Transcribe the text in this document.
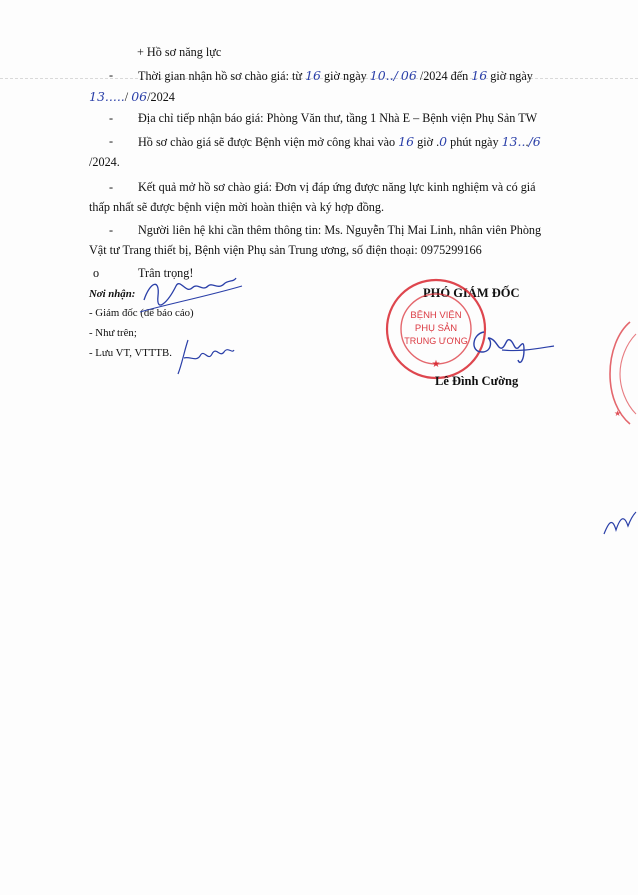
+ Hồ sơ năng lực
- Thời gian nhận hồ sơ chào giá: từ 16 giờ ngày 10../ 06 /2024 đến 16 giờ ngày
13...../ 06/2024
- Địa chỉ tiếp nhận báo giá: Phòng Văn thư, tầng 1 Nhà E – Bệnh viện Phụ Sản TW
- Hồ sơ chào giá sẽ được Bệnh viện mở công khai vào 16 giờ .0 phút ngày 13.../6
/2024.
- Kết quả mở hồ sơ chào giá: Đơn vị đáp ứng được năng lực kinh nghiệm và có giá
thấp nhất sẽ được bệnh viện mời hoàn thiện và ký hợp đồng.
- Người liên hệ khi cần thêm thông tin: Ms. Nguyễn Thị Mai Linh, nhân viên Phòng
Vật tư Trang thiết bị, Bệnh viện Phụ sản Trung ương, số điện thoại: 0975299166
o	Trân trọng!
Nơi nhận:
- Giám đốc (để báo cáo)
- Như trên;
- Lưu VT, VTTTB.
PHÓ GIÁM ĐỐC
BỆNH VIỆN
PHỤ SẢN
TRUNG ƯƠNG
★
Lê Đình Cường
★
